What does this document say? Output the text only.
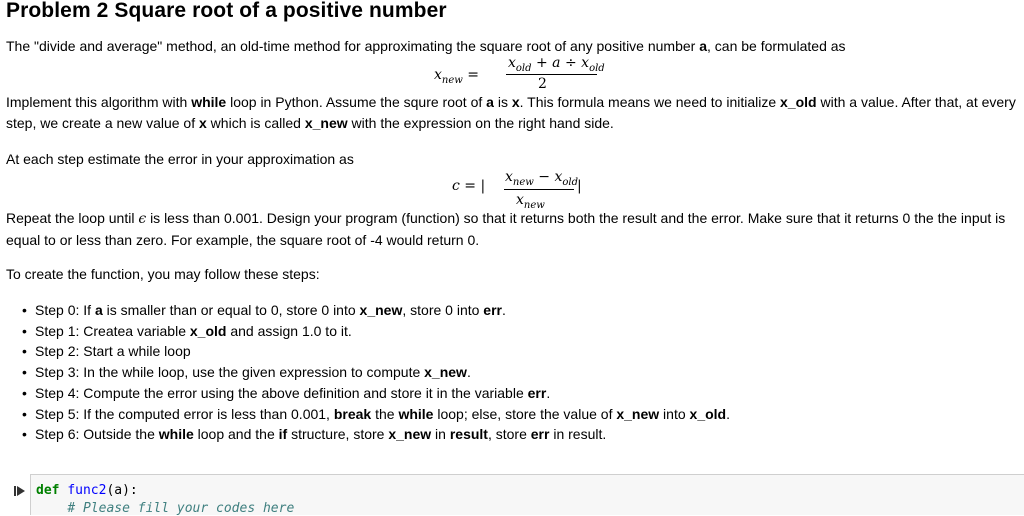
Problem 2 Square root of a positive number

The "divide and average" method, an old-time method for approximating the square root of any positive number a, can be formulated as

$x_{new}$ =
$x_{old} + a \div x_{old}$
2

Implement this algorithm with while loop in Python. Assume the squre root of a is x. This formula means we need to initialize x_old with a value. After that, at every step, we create a new value of x which is called x_new with the expression on the right hand side.

At each step estimate the error in your approximation as

c = |
$x_{new} - x_{old}$ |
$x_{new}$

Repeat the loop until ϵ is less than 0.001. Design your program (function) so that it returns both the result and the error. Make sure that it returns 0 the the input is equal to or less than zero. For example, the square root of -4 would return 0.

To create the function, you may follow these steps:

• Step 0: If a is smaller than or equal to 0, store 0 into x_new, store 0 into err.
• Step 1: Createa variable x_old and assign 1.0 to it.
• Step 2: Start a while loop
• Step 3: In the while loop, use the given expression to compute x_new.
• Step 4: Compute the error using the above definition and store it in the variable err.
• Step 5: If the computed error is less than 0.001, break the while loop; else, store the value of x_new into x_old.
• Step 6: Outside the while loop and the if structure, store x_new in result, store err in result.
def func2(a):
# Please fill your codes here
